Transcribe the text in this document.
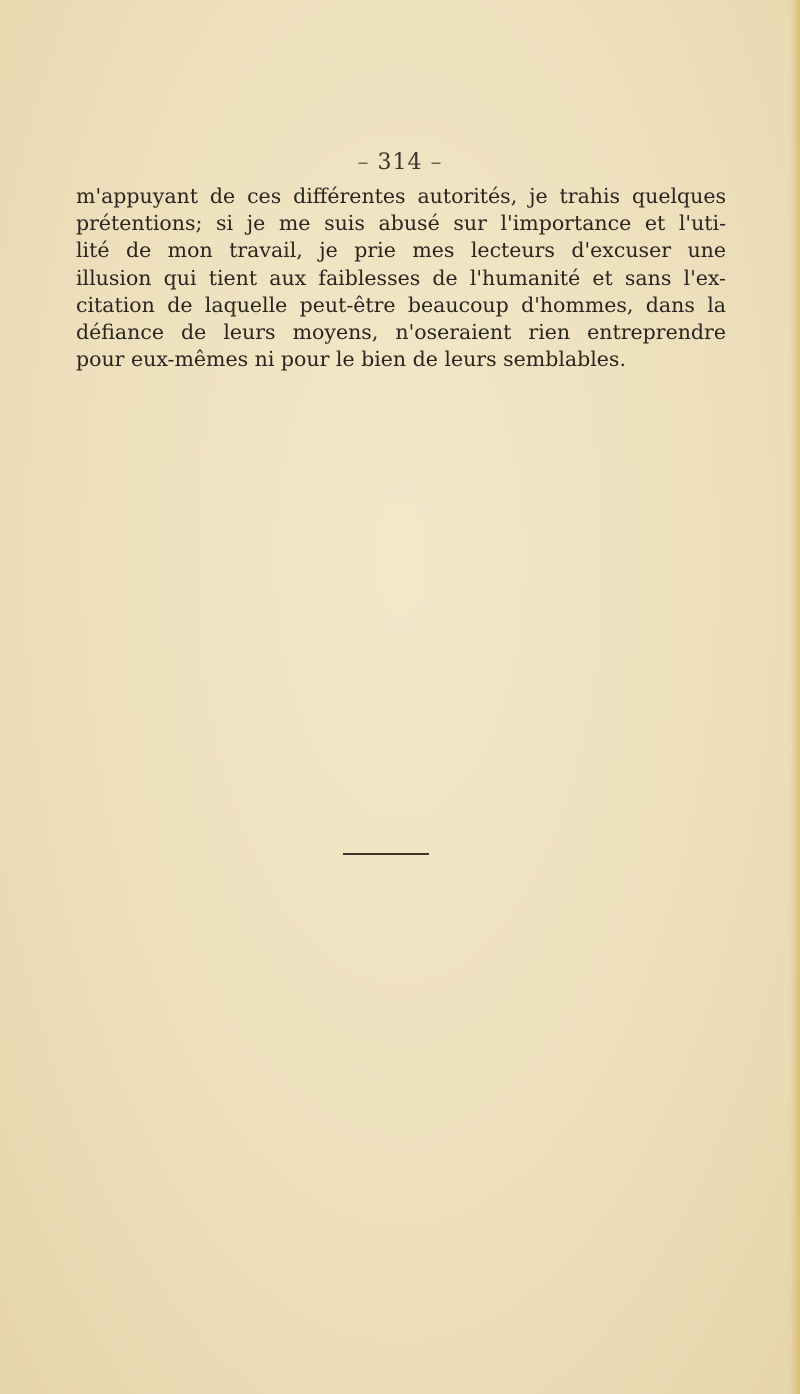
– 314 –
m'appuyant de ces différentes autorités, je trahis quelques
prétentions; si je me suis abusé sur l'importance et l'uti-
lité de mon travail, je prie mes lecteurs d'excuser une
illusion qui tient aux faiblesses de l'humanité et sans l'ex-
citation de laquelle peut-être beaucoup d'hommes, dans la
défiance de leurs moyens, n'oseraient rien entreprendre
pour eux-mêmes ni pour le bien de leurs semblables.
